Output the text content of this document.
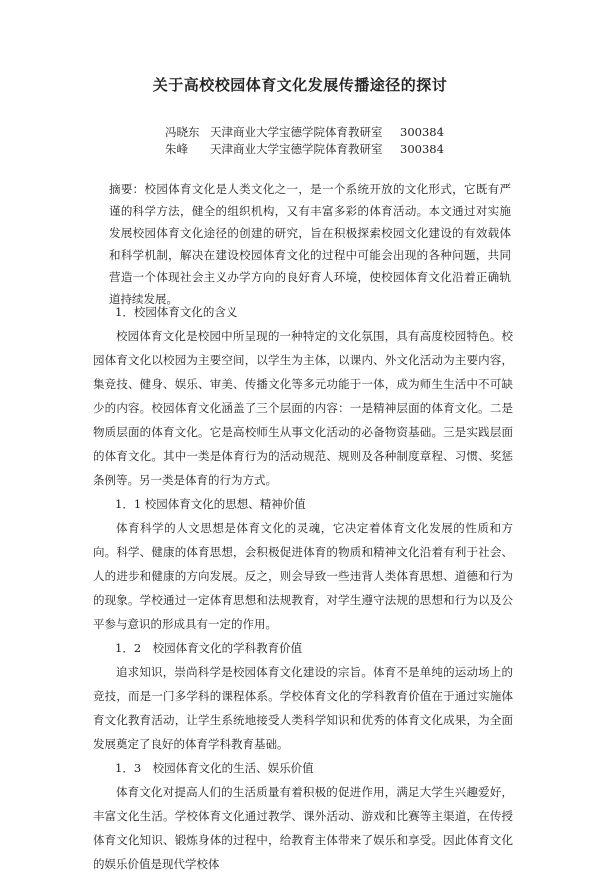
关于高校校园体育文化发展传播途径的探讨
冯晓东 天津商业大学宝德学院体育教研室	300384
朱峰	天津商业大学宝德学院体育教研室	300384

摘要：校园体育文化是人类文化之一，是一个系统开放的文化形式，它既有严谨的科学方法，健全的组织机构，又有丰富多彩的体育活动。本文通过对实施发展校园体育文化途径的创建的研究，旨在积极探索校园文化建设的有效载体和科学机制，解决在建设校园体育文化的过程中可能会出现的各种问题，共同营造一个体现社会主义办学方向的良好育人环境，使校园体育文化沿着正确轨道持续发展。

1．校园体育文化的含义

校园体育文化是校园中所呈现的一种特定的文化氛围，具有高度校园特色。校园体育文化以校园为主要空间，以学生为主体，以课内、外文化活动为主要内容，集竞技、健身、娱乐、审美、传播文化等多元功能于一体，成为师生生活中不可缺少的内容。校园体育文化涵盖了三个层面的内容：一是精神层面的体育文化。二是物质层面的体育文化。它是高校师生从事文化活动的必备物资基础。三是实践层面的体育文化。其中一类是体育行为的活动规范、规则及各种制度章程、习惯、奖惩条例等。另一类是体育的行为方式。

1．1 校园体育文化的思想、精神价值

体育科学的人文思想是体育文化的灵魂，它决定着体育文化发展的性质和方向。科学、健康的体育思想，会积极促进体育的物质和精神文化沿着有利于社会、人的进步和健康的方向发展。反之，则会导致一些违背人类体育思想、道德和行为的现象。学校通过一定体育思想和法规教育，对学生遵守法规的思想和行为以及公平参与意识的形成具有一定的作用。

1．2　校园体育文化的学科教育价值

追求知识，崇尚科学是校园体育文化建设的宗旨。体育不是单纯的运动场上的竞技，而是一门多学科的课程体系。学校体育文化的学科教育价值在于通过实施体育文化教育活动，让学生系统地接受人类科学知识和优秀的体育文化成果，为全面发展奠定了良好的体育学科教育基础。

1．3　校园体育文化的生活、娱乐价值

体育文化对提高人们的生活质量有着积极的促进作用，满足大学生兴趣爱好，丰富文化生活。学校体育文化通过教学、课外活动、游戏和比赛等主渠道，在传授体育文化知识、锻炼身体的过程中，给教育主体带来了娱乐和享受。因此体育文化的娱乐价值是现代学校体
